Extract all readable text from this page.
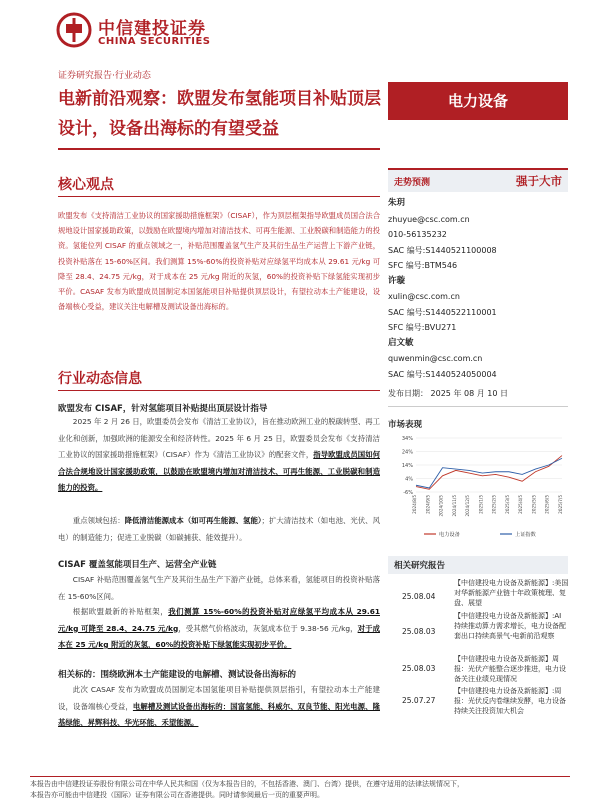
中信建投证券
CHINA SECURITIES
证券研究报告·行业动态
电新前沿观察：欧盟发布氢能项目补贴顶层设计，设备出海标的有望受益
电力设备
核心观点
欧盟发布《支持清洁工业协议的国家援助措施框架》（CISAF），作为顶层框架指导欧盟成员国合法合规地设计国家援助政策，以鼓励在欧盟境内增加对清洁技术、可再生能源、工业脱碳和制造能力的投资。氢能位列 CISAF 的重点领域之一，补贴范围覆盖氢气生产及其衍生品生产运营上下游产业链，投资补贴落在 15-60%区间。我们测算 15%-60%的投资补贴对应绿氢平均成本从 29.61 元/kg 可降至 28.4、24.75 元/kg，对于成本在 25 元/kg 附近的灰氢，60%的投资补贴下绿氢能实现初步平价。CASAF 发布为欧盟成员国制定本国氢能项目补贴提供顶层设计，有望拉动本土产能建设，设备端核心受益，建议关注电解槽及测试设备出海标的。
行业动态信息
欧盟发布 CISAF，针对氢能项目补贴提出顶层设计指导
2025 年 2 月 26 日，欧盟委员会发布《清洁工业协议》，旨在推动欧洲工业的脱碳转型、再工业化和创新，加强欧洲的能源安全和经济转性。2025 年 6 月 25 日，欧盟委员会发布《支持清洁工业协议的国家援助措施框架》（CISAF）作为《清洁工业协议》的配套文件，指导欧盟成员国如何合法合规地设计国家援助政策，以鼓励在欧盟境内增加对清洁技术、可再生能源、工业脱碳和制造能力的投资。
重点领域包括：降低清洁能源成本（如可再生能源、氢能）；扩大清洁技术（如电池、光伏、风电）的制造能力；促进工业脱碳（如碳捕获、能效提升）。
CISAF 覆盖氢能项目生产、运营全产业链
CISAF 补贴范围覆盖氢气生产及其衍生品生产下游产业链，总体来看，氢能项目的投资补贴落在 15-60%区间。
根据欧盟最新的补贴框架，我们测算 15%-60%的投资补贴对应绿氢平均成本从 29.61 元/kg 可降至 28.4、24.75 元/kg，受其燃气价格波动，灰氢成本位于 9.38-56 元/kg，对于成本在 25 元/kg 附近的灰氢，60%的投资补贴下绿氢能实现初步平价。
相关标的：围绕欧洲本土产能建设的电解槽、测试设备出海标的
此次 CASAF 发布为欧盟成员国制定本国氢能项目补贴提供顶层指引，有望拉动本土产能建设，设备端核心受益，电解槽及测试设备出海标的：国富氢能、科威尔、双良节能、阳光电源、隆基绿能、昇辉科技、华光环能、禾望能源。
走势预测	强于大市
朱玥
zhuyue@csc.com.cn
010-56135232
SAC 编号:S1440521100008
SFC 编号:BTM546
许璇
xulin@csc.com.cn
SAC 编号:S1440522110001
SFC 编号:BVU271
启文敏
quwenmin@csc.com.cn
SAC 编号:S1440524050004
发布日期： 2025 年 08 月 10 日
市场表现
34%
24%
14%
4%
-6%
2024/8/5 2024/9/5 2024/10/5 2024/11/5 2024/12/5 2025/1/5 2025/2/5 2025/3/5 2025/4/5 2025/5/5 2025/6/5 2025/7/5
电力设备	上证指数
相关研究报告
25.08.04
【中信建投电力设备及新能源】:美国对华新能源产业链十年政策梳理、复盘、展望
25.08.03
【中信建投电力设备及新能源】:AI 持续推动算力需求增长，电力设备配套出口持续高景气-电新前沿观察
25.08.03
【中信建投电力设备及新能源】周报：光伏产能整合逐步推进，电力设备关注业绩兑现情况
25.07.27
【中信建投电力设备及新能源】:周报：光伏反内卷继续发酵，电力设备持续关注投资加大机会
本报告由中信建投证券股份有限公司在中华人民共和国（仅为本报告目的，不包括香港、澳门、台湾）提供，在遵守适用的法律法规情况下，
本报告亦可能由中信建投（国际）证券有限公司在香港提供。同时请参阅最后一页的重要声明。
